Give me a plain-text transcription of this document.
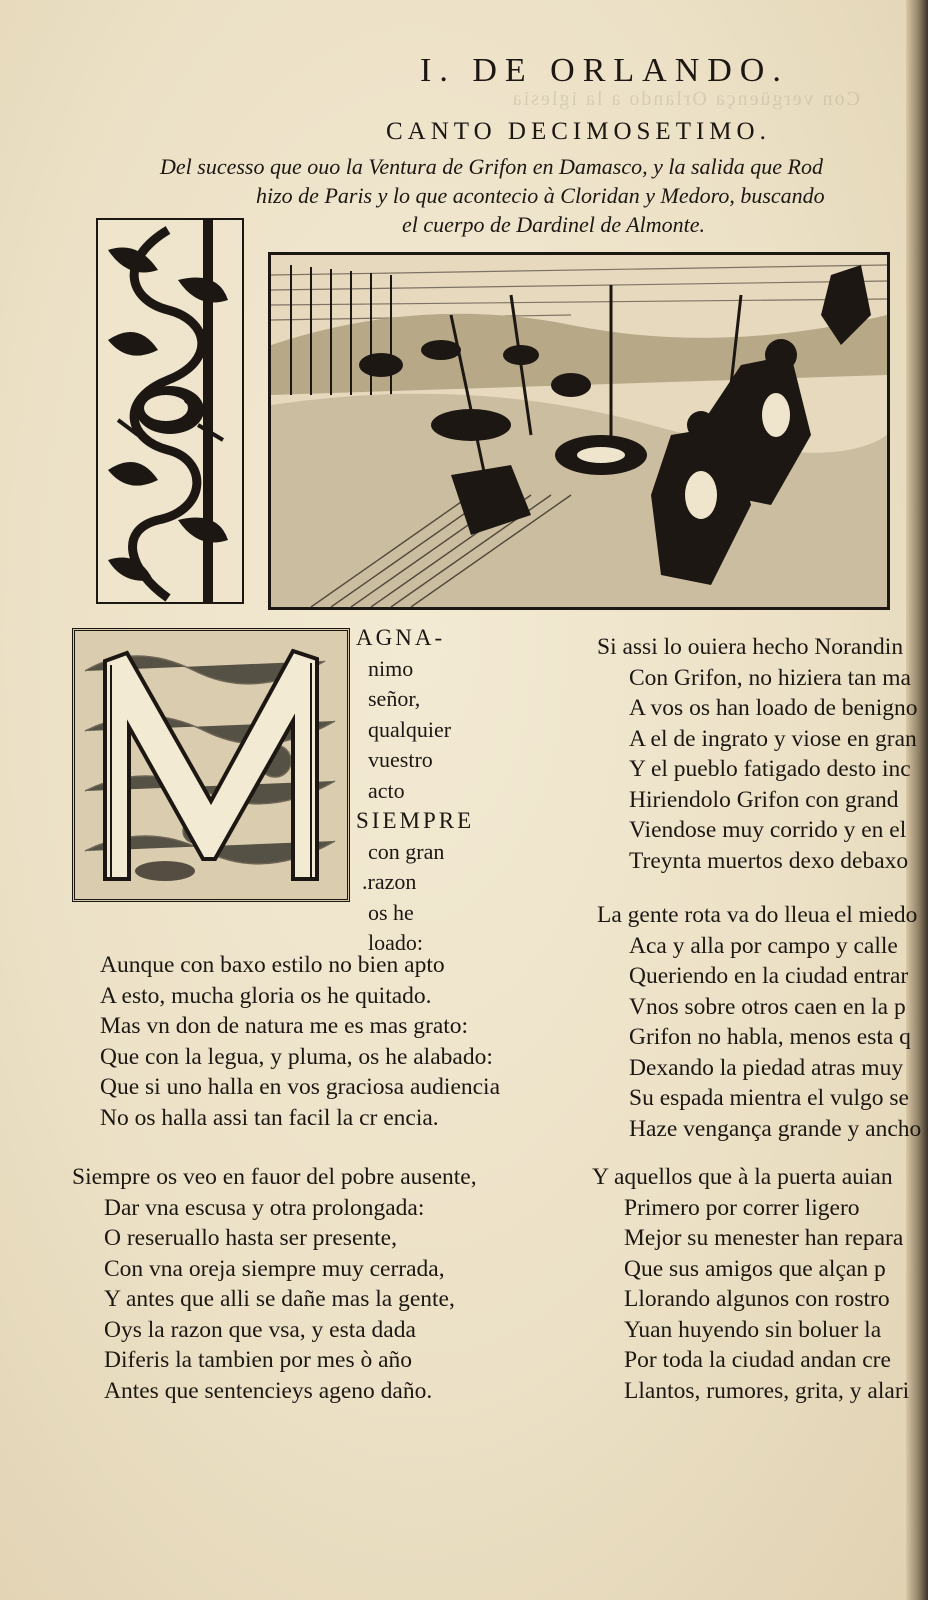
Con vergüença Orlando a la iglesia
I. DE ORLANDO.
CANTO DECIMOSETIMO.

Del sucesso que ouo la Ventura de Grifon en Damasco, y la salida que Rod
hizo de Paris y lo que acontecio à Cloridan y Medoro, buscando
el cuerpo de Dardinel de Almonte.

AGNA-
nimo
señor,
qualquier
vuestro
acto
SIEMPRE
con gran
.razon
os he
loado:
Aunque con baxo estilo no bien apto
A esto, mucha gloria os he quitado.
Mas vn don de natura me es mas grato:
Que con la legua, y pluma, os he alabado:
Que si uno halla en vos graciosa audiencia
No os halla assi tan facil la cr encia.
Siempre os veo en fauor del pobre ausente,
Dar vna escusa y otra prolongada:
O reseruallo hasta ser presente,
Con vna oreja siempre muy cerrada,
Y antes que alli se dañe mas la gente,
Oys la razon que vsa, y esta dada
Diferis la tambien por mes ò año
Antes que sentencieys ageno daño.
Si assi lo ouiera hecho Norandin
Con Grifon, no hiziera tan ma
A vos os han loado de benigno
A el de ingrato y viose en gran
Y el pueblo fatigado desto inc
Hiriendolo Grifon con grand
Viendose muy corrido y en el
Treynta muertos dexo debaxo
La gente rota va do lleua el miedo
Aca y alla por campo y calle
Queriendo en la ciudad entrar
Vnos sobre otros caen en la p
Grifon no habla, menos esta q
Dexando la piedad atras muy
Su espada mientra el vulgo se
Haze vengança grande y ancho
Y aquellos que à la puerta auian
Primero por correr ligero
Mejor su menester han repara
Que sus amigos que alçan p
Llorando algunos con rostro
Yuan huyendo sin boluer la
Por toda la ciudad andan cre
Llantos, rumores, grita, y alari
